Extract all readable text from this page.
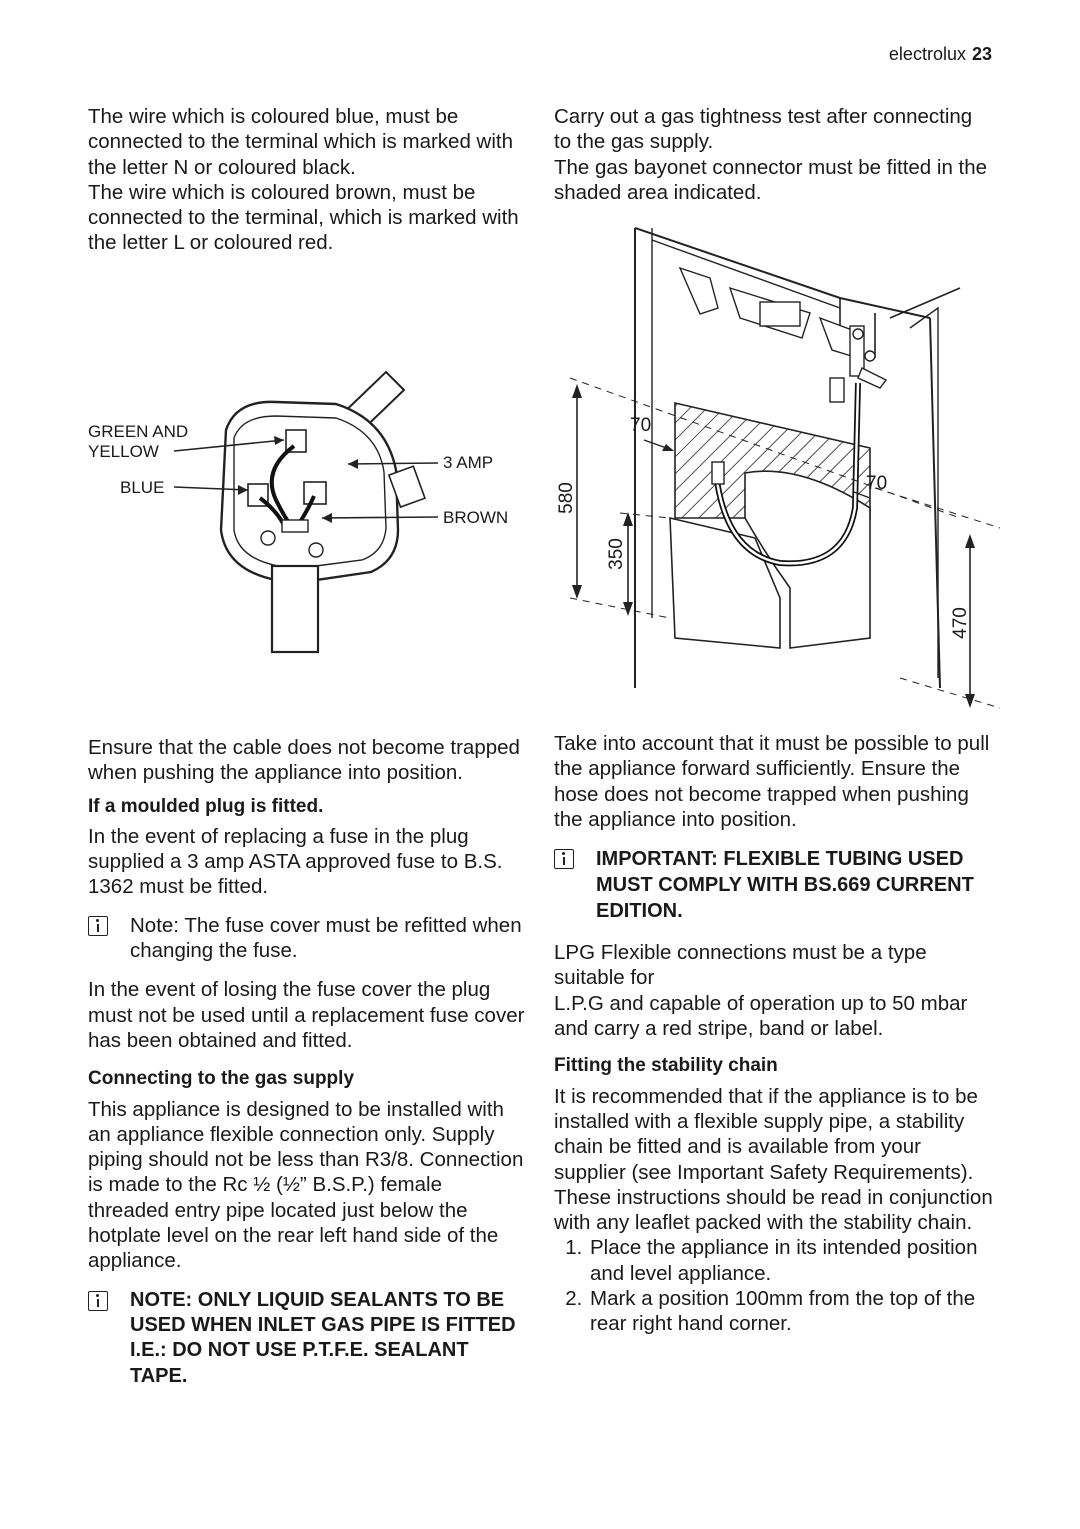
electrolux 23

The wire which is coloured blue, must be connected to the terminal which is marked with the letter N or coloured black.

The wire which is coloured brown, must be connected to the terminal, which is marked with the letter L or coloured red.

GREEN AND
YELLOW
BLUE
3 AMP
BROWN

Ensure that the cable does not become trapped when pushing the appliance into position.

If a moulded plug is fitted.

In the event of replacing a fuse in the plug supplied a 3 amp ASTA approved fuse to B.S. 1362 must be fitted.

Note: The fuse cover must be refitted when changing the fuse.

In the event of losing the fuse cover the plug must not be used until a replacement fuse cover has been obtained and fitted.

Connecting to the gas supply

This appliance is designed to be installed with an appliance flexible connection only. Supply piping should not be less than R3/8. Connection is made to the Rc ½ (½” B.S.P.) female threaded entry pipe located just below the hotplate level on the rear left hand side of the appliance.

NOTE: ONLY LIQUID SEALANTS TO BE USED WHEN INLET GAS PIPE IS FITTED I.E.: DO NOT USE P.T.F.E. SEALANT TAPE.

Carry out a gas tightness test after connecting to the gas supply.

The gas bayonet connector must be fitted in the shaded area indicated.

580
350
470
70
70

Take into account that it must be possible to pull the appliance forward sufficiently. Ensure the hose does not become trapped when pushing the appliance into position.

IMPORTANT: FLEXIBLE TUBING USED MUST COMPLY WITH BS.669 CURRENT EDITION.

LPG Flexible connections must be a type suitable for

L.P.G and capable of operation up to 50 mbar and carry a red stripe, band or label.

Fitting the stability chain

It is recommended that if the appliance is to be installed with a flexible supply pipe, a stability chain be fitted and is available from your supplier (see Important Safety Requirements).

These instructions should be read in conjunction with any leaflet packed with the stability chain.

1. Place the appliance in its intended position and level appliance.
2. Mark a position 100mm from the top of the rear right hand corner.
